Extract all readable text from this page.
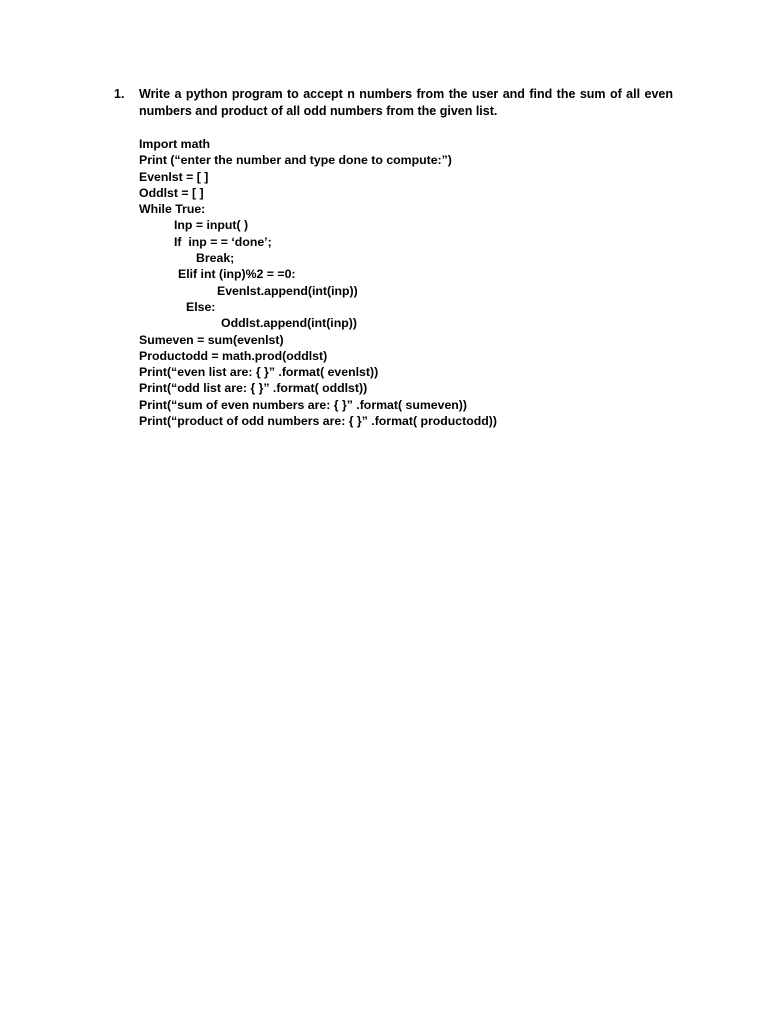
1. Write a python program to accept n numbers from the user and find the sum of all even numbers and product of all odd numbers from the given list.
Import math
Print (“enter the number and type done to compute:”)
Evenlst = [ ]
Oddlst = [ ]
While True:
Inp = input( )
If  inp = = ‘done’;
Break;
Elif int (inp)%2 = =0:
Evenlst.append(int(inp))
Else:
Oddlst.append(int(inp))
Sumeven = sum(evenlst)
Productodd = math.prod(oddlst)
Print(“even list are: { }” .format( evenlst))
Print(“odd list are: { }” .format( oddlst))
Print(“sum of even numbers are: { }” .format( sumeven))
Print(“product of odd numbers are: { }” .format( productodd))
